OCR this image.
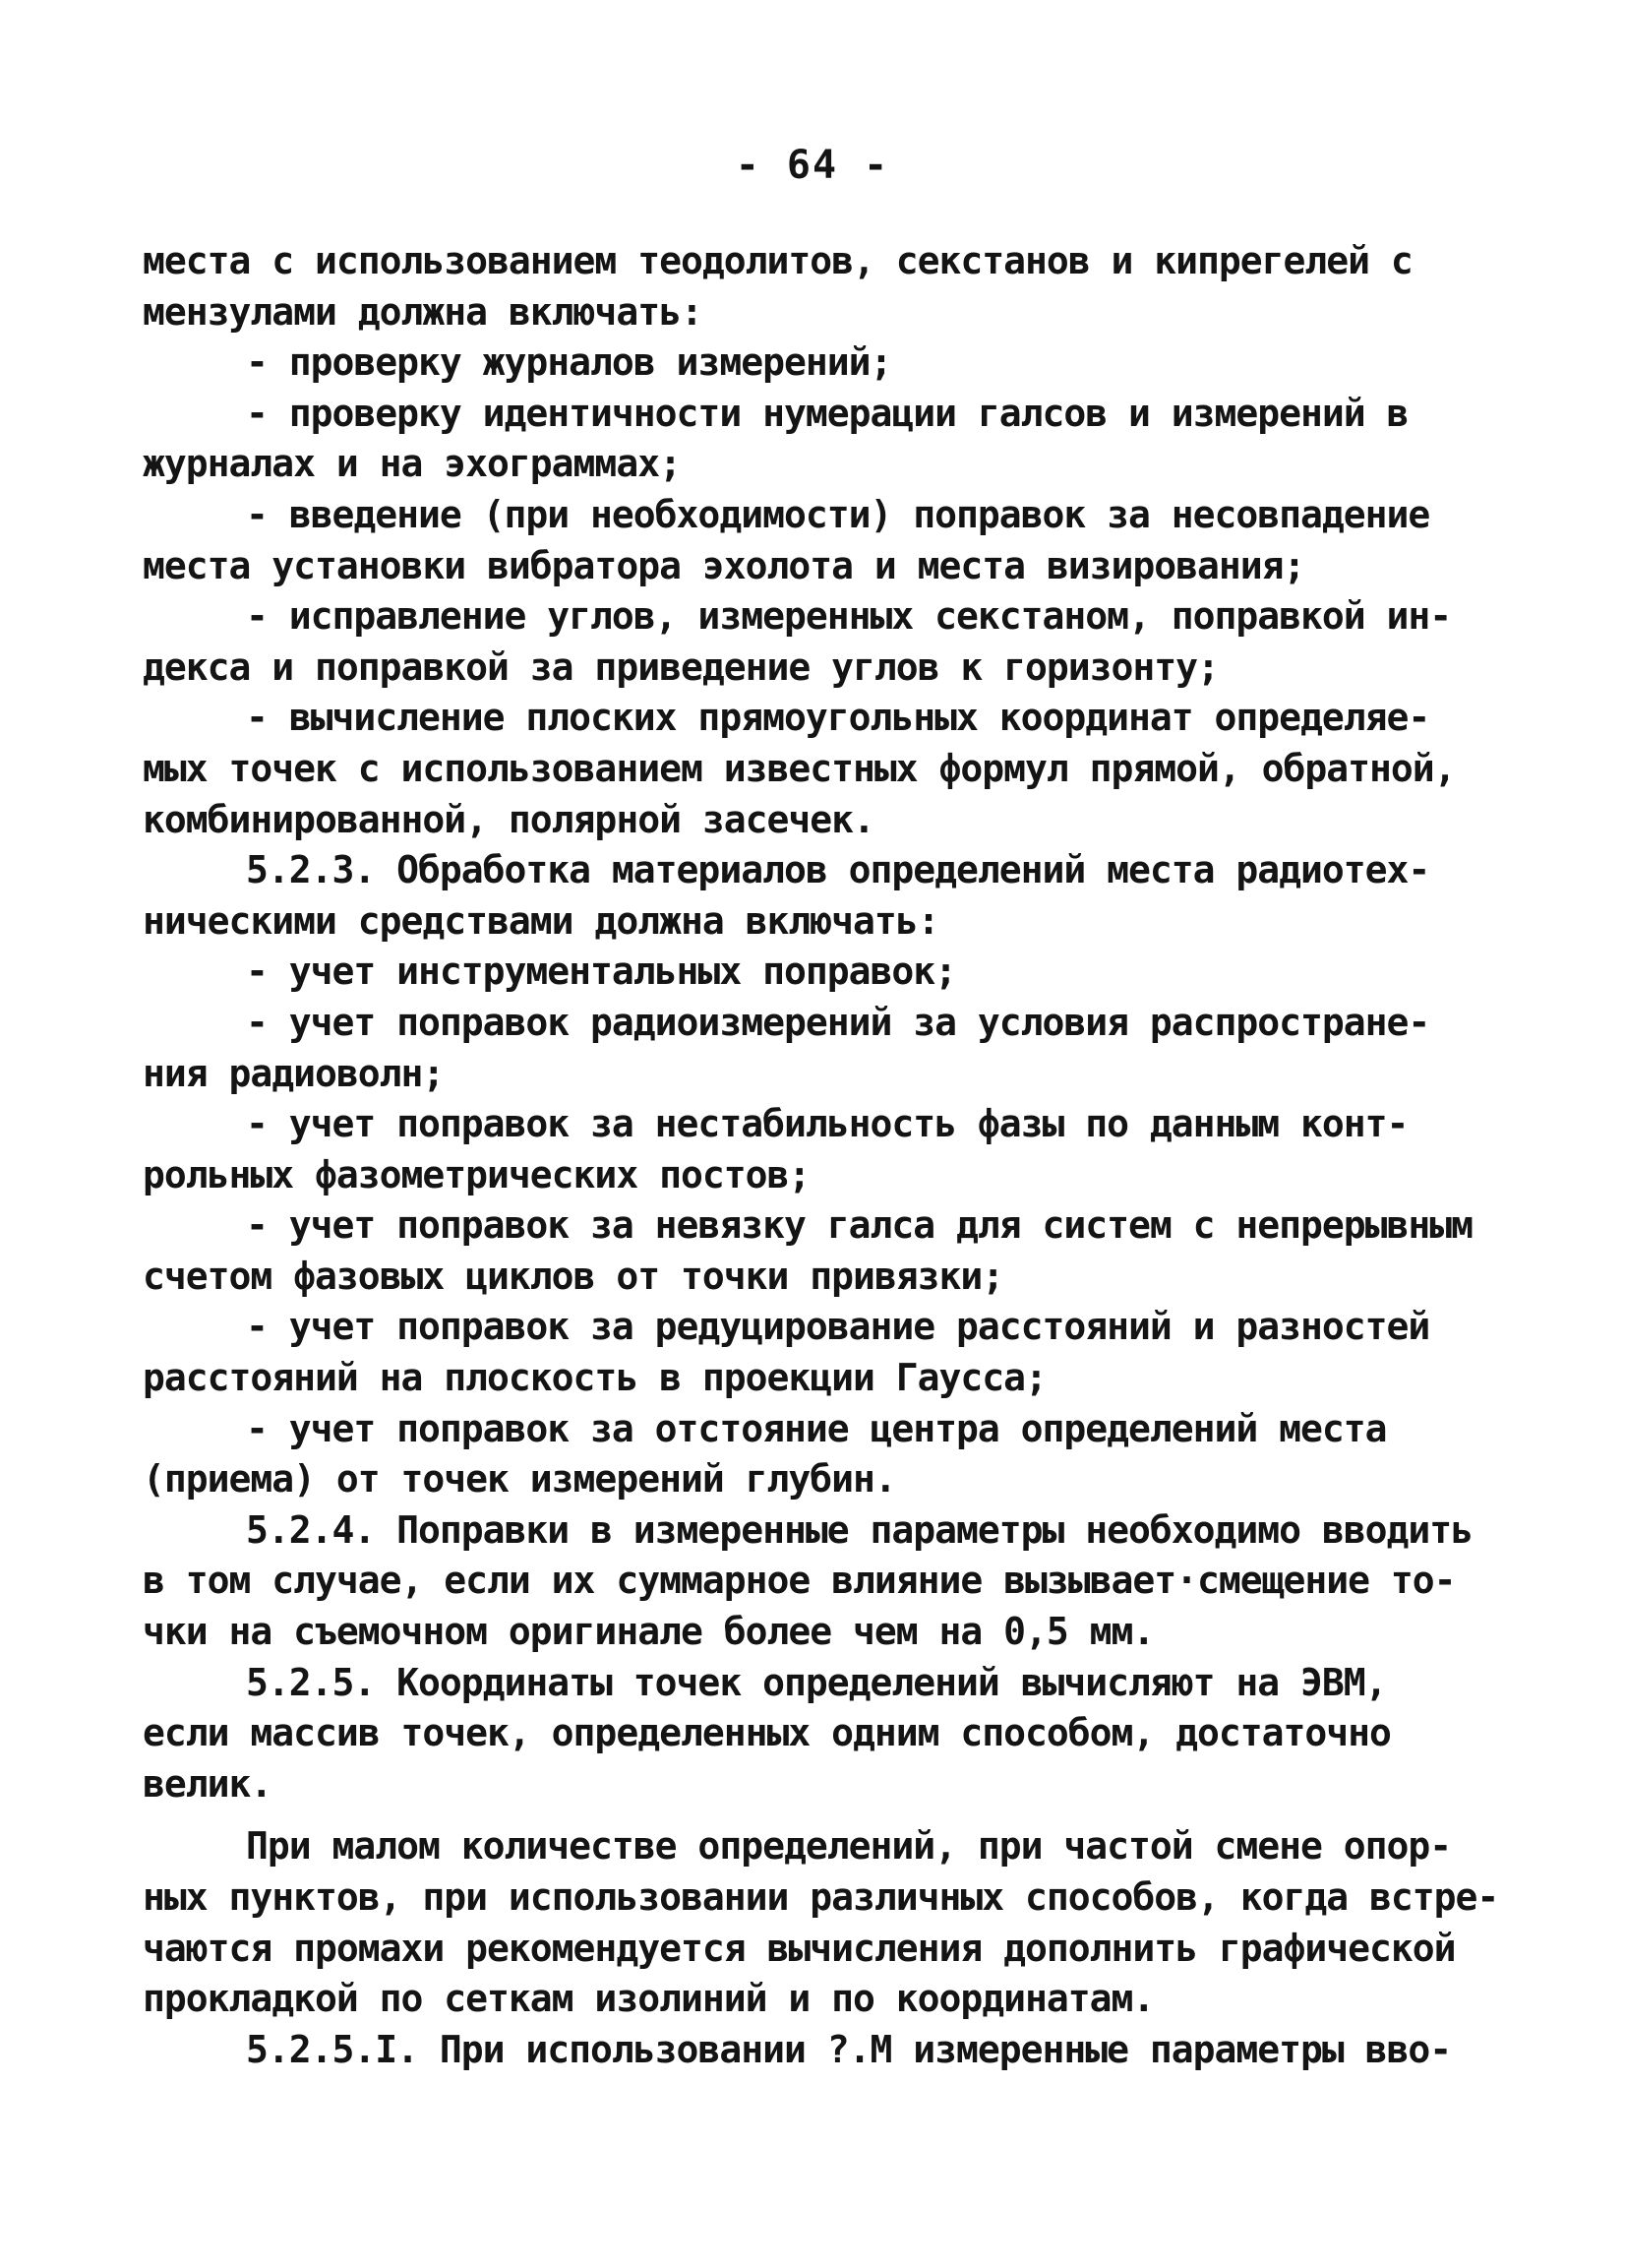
- 64 -
места с использованием теодолитов, секстанов и кипрегелей с
мензулами должна включать:
- проверку журналов измерений;
- проверку идентичности нумерации галсов и измерений в
журналах и на эхограммах;
- введение (при необходимости) поправок за несовпадение
места установки вибратора эхолота и места визирования;
- исправление углов, измеренных секстаном, поправкой ин-
декса и поправкой за приведение углов к горизонту;
- вычисление плоских прямоугольных координат определяе-
мых точек с использованием известных формул прямой, обратной,
комбинированной, полярной засечек.
5.2.3. Обработка материалов определений места радиотех-
ническими средствами должна включать:
- учет инструментальных поправок;
- учет поправок радиоизмерений за условия распростране-
ния радиоволн;
- учет поправок за нестабильность фазы по данным конт-
рольных фазометрических постов;
- учет поправок за невязку галса для систем с непрерывным
счетом фазовых циклов от точки привязки;
- учет поправок за редуцирование расстояний и разностей
расстояний на плоскость в проекции Гаусса;
- учет поправок за отстояние центра определений места
(приема) от точек измерений глубин.
5.2.4. Поправки в измеренные параметры необходимо вводить
в том случае, если их суммарное влияние вызывает·смещение то-
чки на съемочном оригинале более чем на 0,5 мм.
5.2.5. Координаты точек определений вычисляют на ЭВМ,
если массив точек, определенных одним способом, достаточно
велик.
При малом количестве определений, при частой смене опор-
ных пунктов, при использовании различных способов, когда встре-
чаются промахи рекомендуется вычисления дополнить графической
прокладкой по сеткам изолиний и по координатам.
5.2.5.I. При использовании ?.М измеренные параметры вво-
